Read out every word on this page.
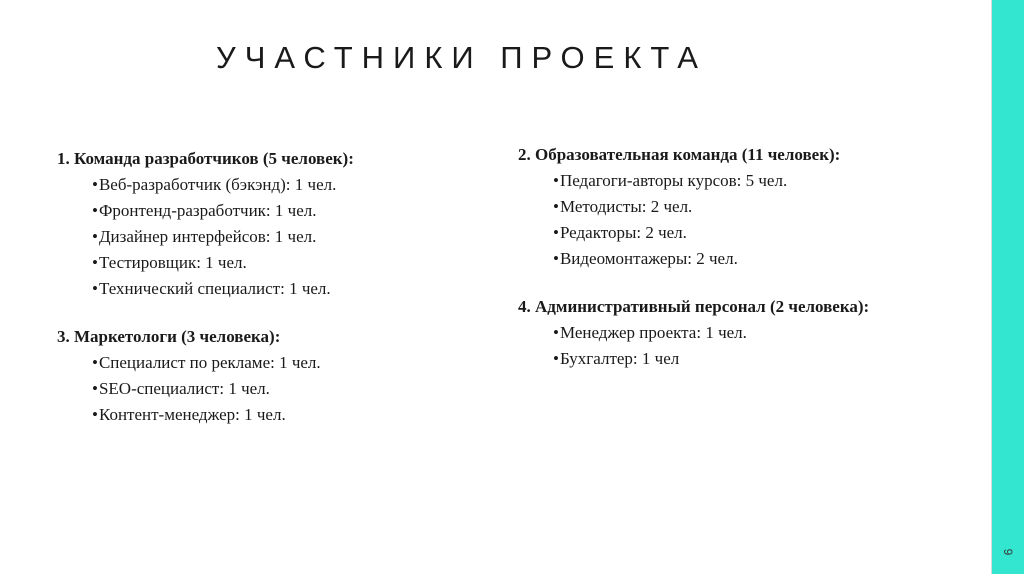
УЧАСТНИКИ ПРОЕКТА

1. Команда разработчиков (5 человек):

•Веб-разработчик (бэкэнд): 1 чел.
•Фронтенд-разработчик: 1 чел.
•Дизайнер интерфейсов: 1 чел.
•Тестировщик: 1 чел.
•Технический специалист: 1 чел.

3. Маркетологи (3 человека):

•Специалист по рекламе: 1 чел.
•SEO-специалист: 1 чел.
•Контент-менеджер: 1 чел.

2. Образовательная команда (11 человек):

•Педагоги-авторы курсов: 5 чел.
•Методисты: 2 чел.
•Редакторы: 2 чел.
•Видеомонтажеры: 2 чел.

4. Административный персонал (2 человека):

•Менеджер проекта: 1 чел.
•Бухгалтер: 1 чел
9
